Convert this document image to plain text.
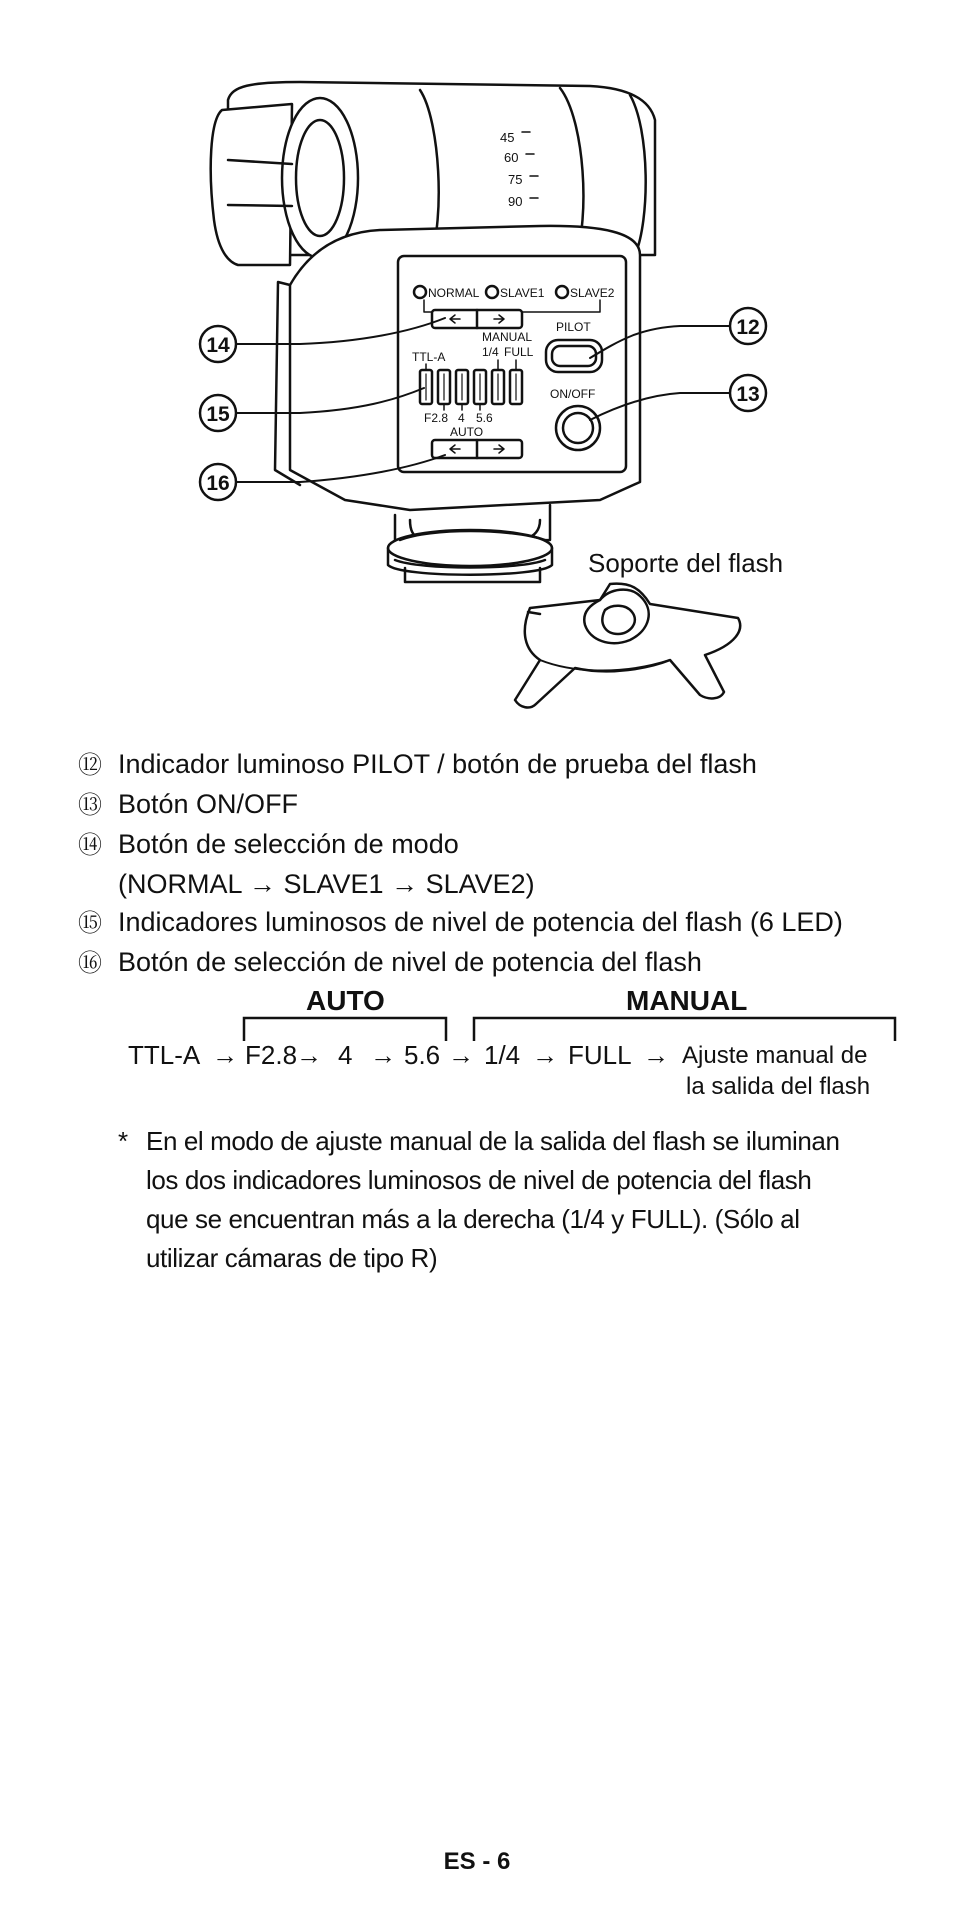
45
60
75
90
NORMAL SLAVE1 SLAVE2
PILOT
ON/OFF
MANUAL
1/4 FULL
TTL-A
F2.8 4 5.6
AUTO
12
13
14
15
16
Soporte del flash
⑫ Indicador luminoso PILOT / botón de prueba del flash
⑬ Botón ON/OFF
⑭ Botón de selección de modo
(NORMAL → SLAVE1 → SLAVE2)
⑮ Indicadores luminosos de nivel de potencia del flash (6 LED)
⑯ Botón de selección de nivel de potencia del flash
AUTO	MANUAL
TTL-A → F2.8
→ 4 → 5.6 → 1/4 → FULL → Ajuste manual de
la salida del flash
* En el modo de ajuste manual de la salida del flash se iluminan
los dos indicadores luminosos de nivel de potencia del flash
que se encuentran más a la derecha (1/4 y FULL). (Sólo al
utilizar cámaras de tipo R)
ES - 6
